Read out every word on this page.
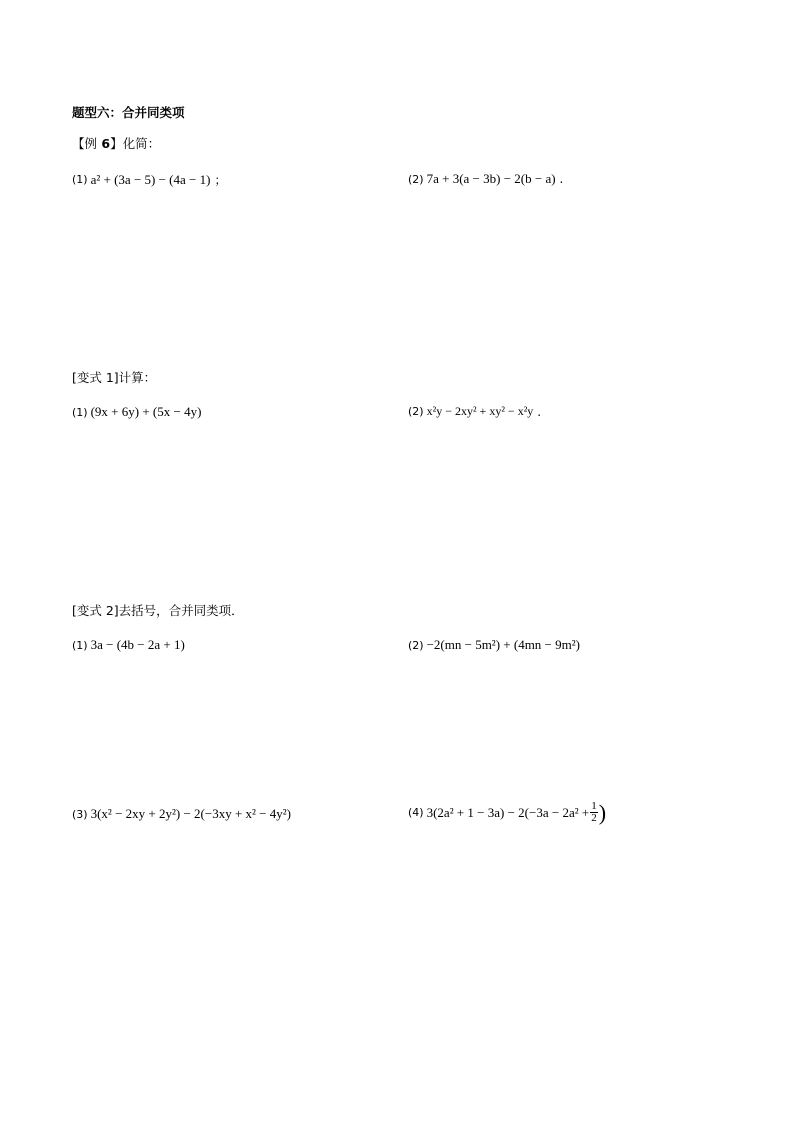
题型六：合并同类项
【例 6】化简：
(1) a² + (3a − 5) − (4a − 1) ；	(2) 7a + 3(a − 3b) − 2(b − a) .
[变式 1]计算：
(1) (9x + 6y) + (5x − 4y)	(2) x²y − 2xy² + xy² − x²y .
[变式 2]去括号，合并同类项．
(1) 3a − (4b − 2a + 1)	(2) −2(mn − 5m²) + (4mn − 9m²)
(3) 3(x² − 2xy + 2y²) − 2(−3xy + x² − 4y²)	(4) $3(2a^2 + 1 - 3a) - 2(-3a - 2a^2 + \frac{1}{2}$ )
